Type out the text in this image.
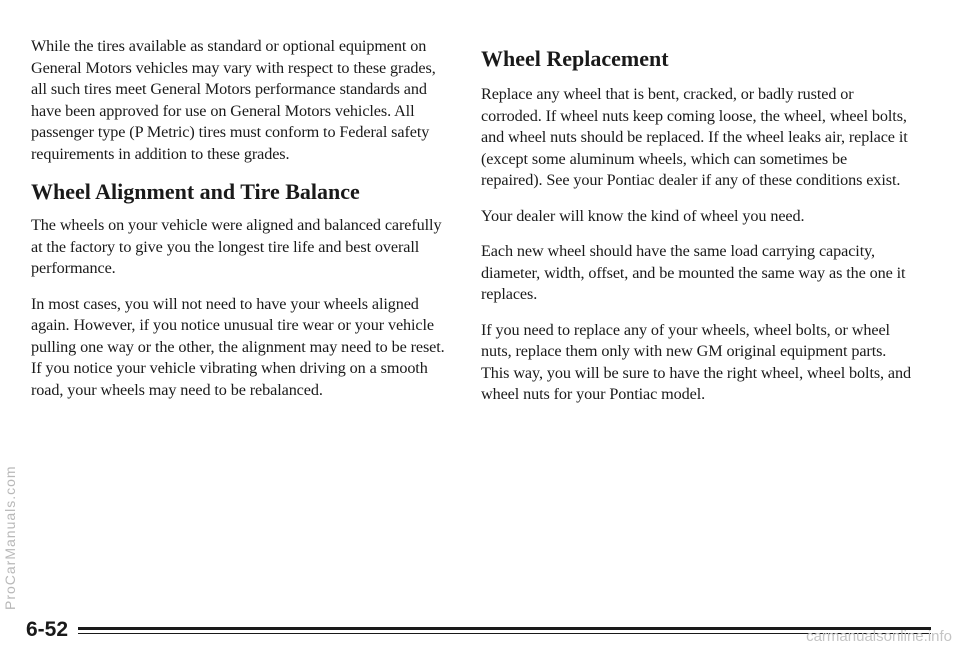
While the tires available as standard or optional equipment on General Motors vehicles may vary with respect to these grades, all such tires meet General Motors performance standards and have been approved for use on General Motors vehicles. All passenger type (P Metric) tires must conform to Federal safety requirements in addition to these grades.

Wheel Alignment and Tire Balance

The wheels on your vehicle were aligned and balanced carefully at the factory to give you the longest tire life and best overall performance.

In most cases, you will not need to have your wheels aligned again. However, if you notice unusual tire wear or your vehicle pulling one way or the other, the alignment may need to be reset. If you notice your vehicle vibrating when driving on a smooth road, your wheels may need to be rebalanced.

Wheel Replacement

Replace any wheel that is bent, cracked, or badly rusted or corroded. If wheel nuts keep coming loose, the wheel, wheel bolts, and wheel nuts should be replaced. If the wheel leaks air, replace it (except some aluminum wheels, which can sometimes be repaired). See your Pontiac dealer if any of these conditions exist.

Your dealer will know the kind of wheel you need.

Each new wheel should have the same load carrying capacity, diameter, width, offset, and be mounted the same way as the one it replaces.

If you need to replace any of your wheels, wheel bolts, or wheel nuts, replace them only with new GM original equipment parts. This way, you will be sure to have the right wheel, wheel bolts, and wheel nuts for your Pontiac model.

6-52
ProCarManuals.com
carmanualsonline.info
